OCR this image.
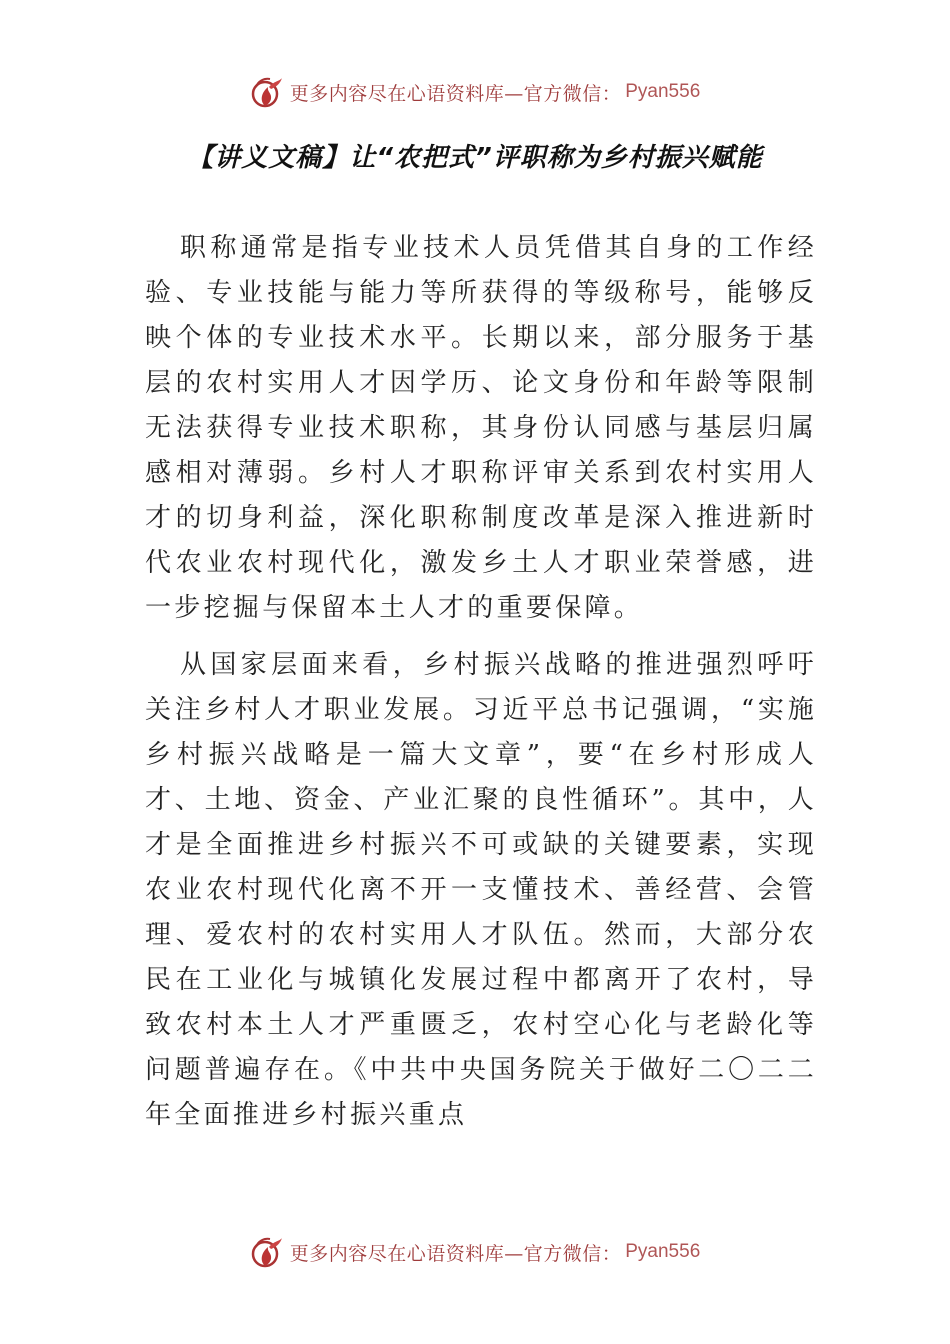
更多内容尽在心语资料库—官方微信： Pyan556
【讲义文稿】让“农把式”评职称为乡村振兴赋能

职称通常是指专业技术人员凭借其自身的工作经验、专业技能与能力等所获得的等级称号，能够反映个体的专业技术水平。长期以来，部分服务于基层的农村实用人才因学历、论文身份和年龄等限制无法获得专业技术职称，其身份认同感与基层归属感相对薄弱。乡村人才职称评审关系到农村实用人才的切身利益，深化职称制度改革是深入推进新时代农业农村现代化，激发乡土人才职业荣誉感，进一步挖掘与保留本土人才的重要保障。

从国家层面来看，乡村振兴战略的推进强烈呼吁关注乡村人才职业发展。习近平总书记强调，“实施乡村振兴战略是一篇大文章”，要“在乡村形成人才、土地、资金、产业汇聚的良性循环”。其中，人才是全面推进乡村振兴不可或缺的关键要素，实现农业农村现代化离不开一支懂技术、善经营、会管理、爱农村的农村实用人才队伍。然而，大部分农民在工业化与城镇化发展过程中都离开了农村，导致农村本土人才严重匮乏，农村空心化与老龄化等问题普遍存在。《中共中央国务院关于做好二〇二二年全面推进乡村振兴重点

更多内容尽在心语资料库—官方微信： Pyan556
